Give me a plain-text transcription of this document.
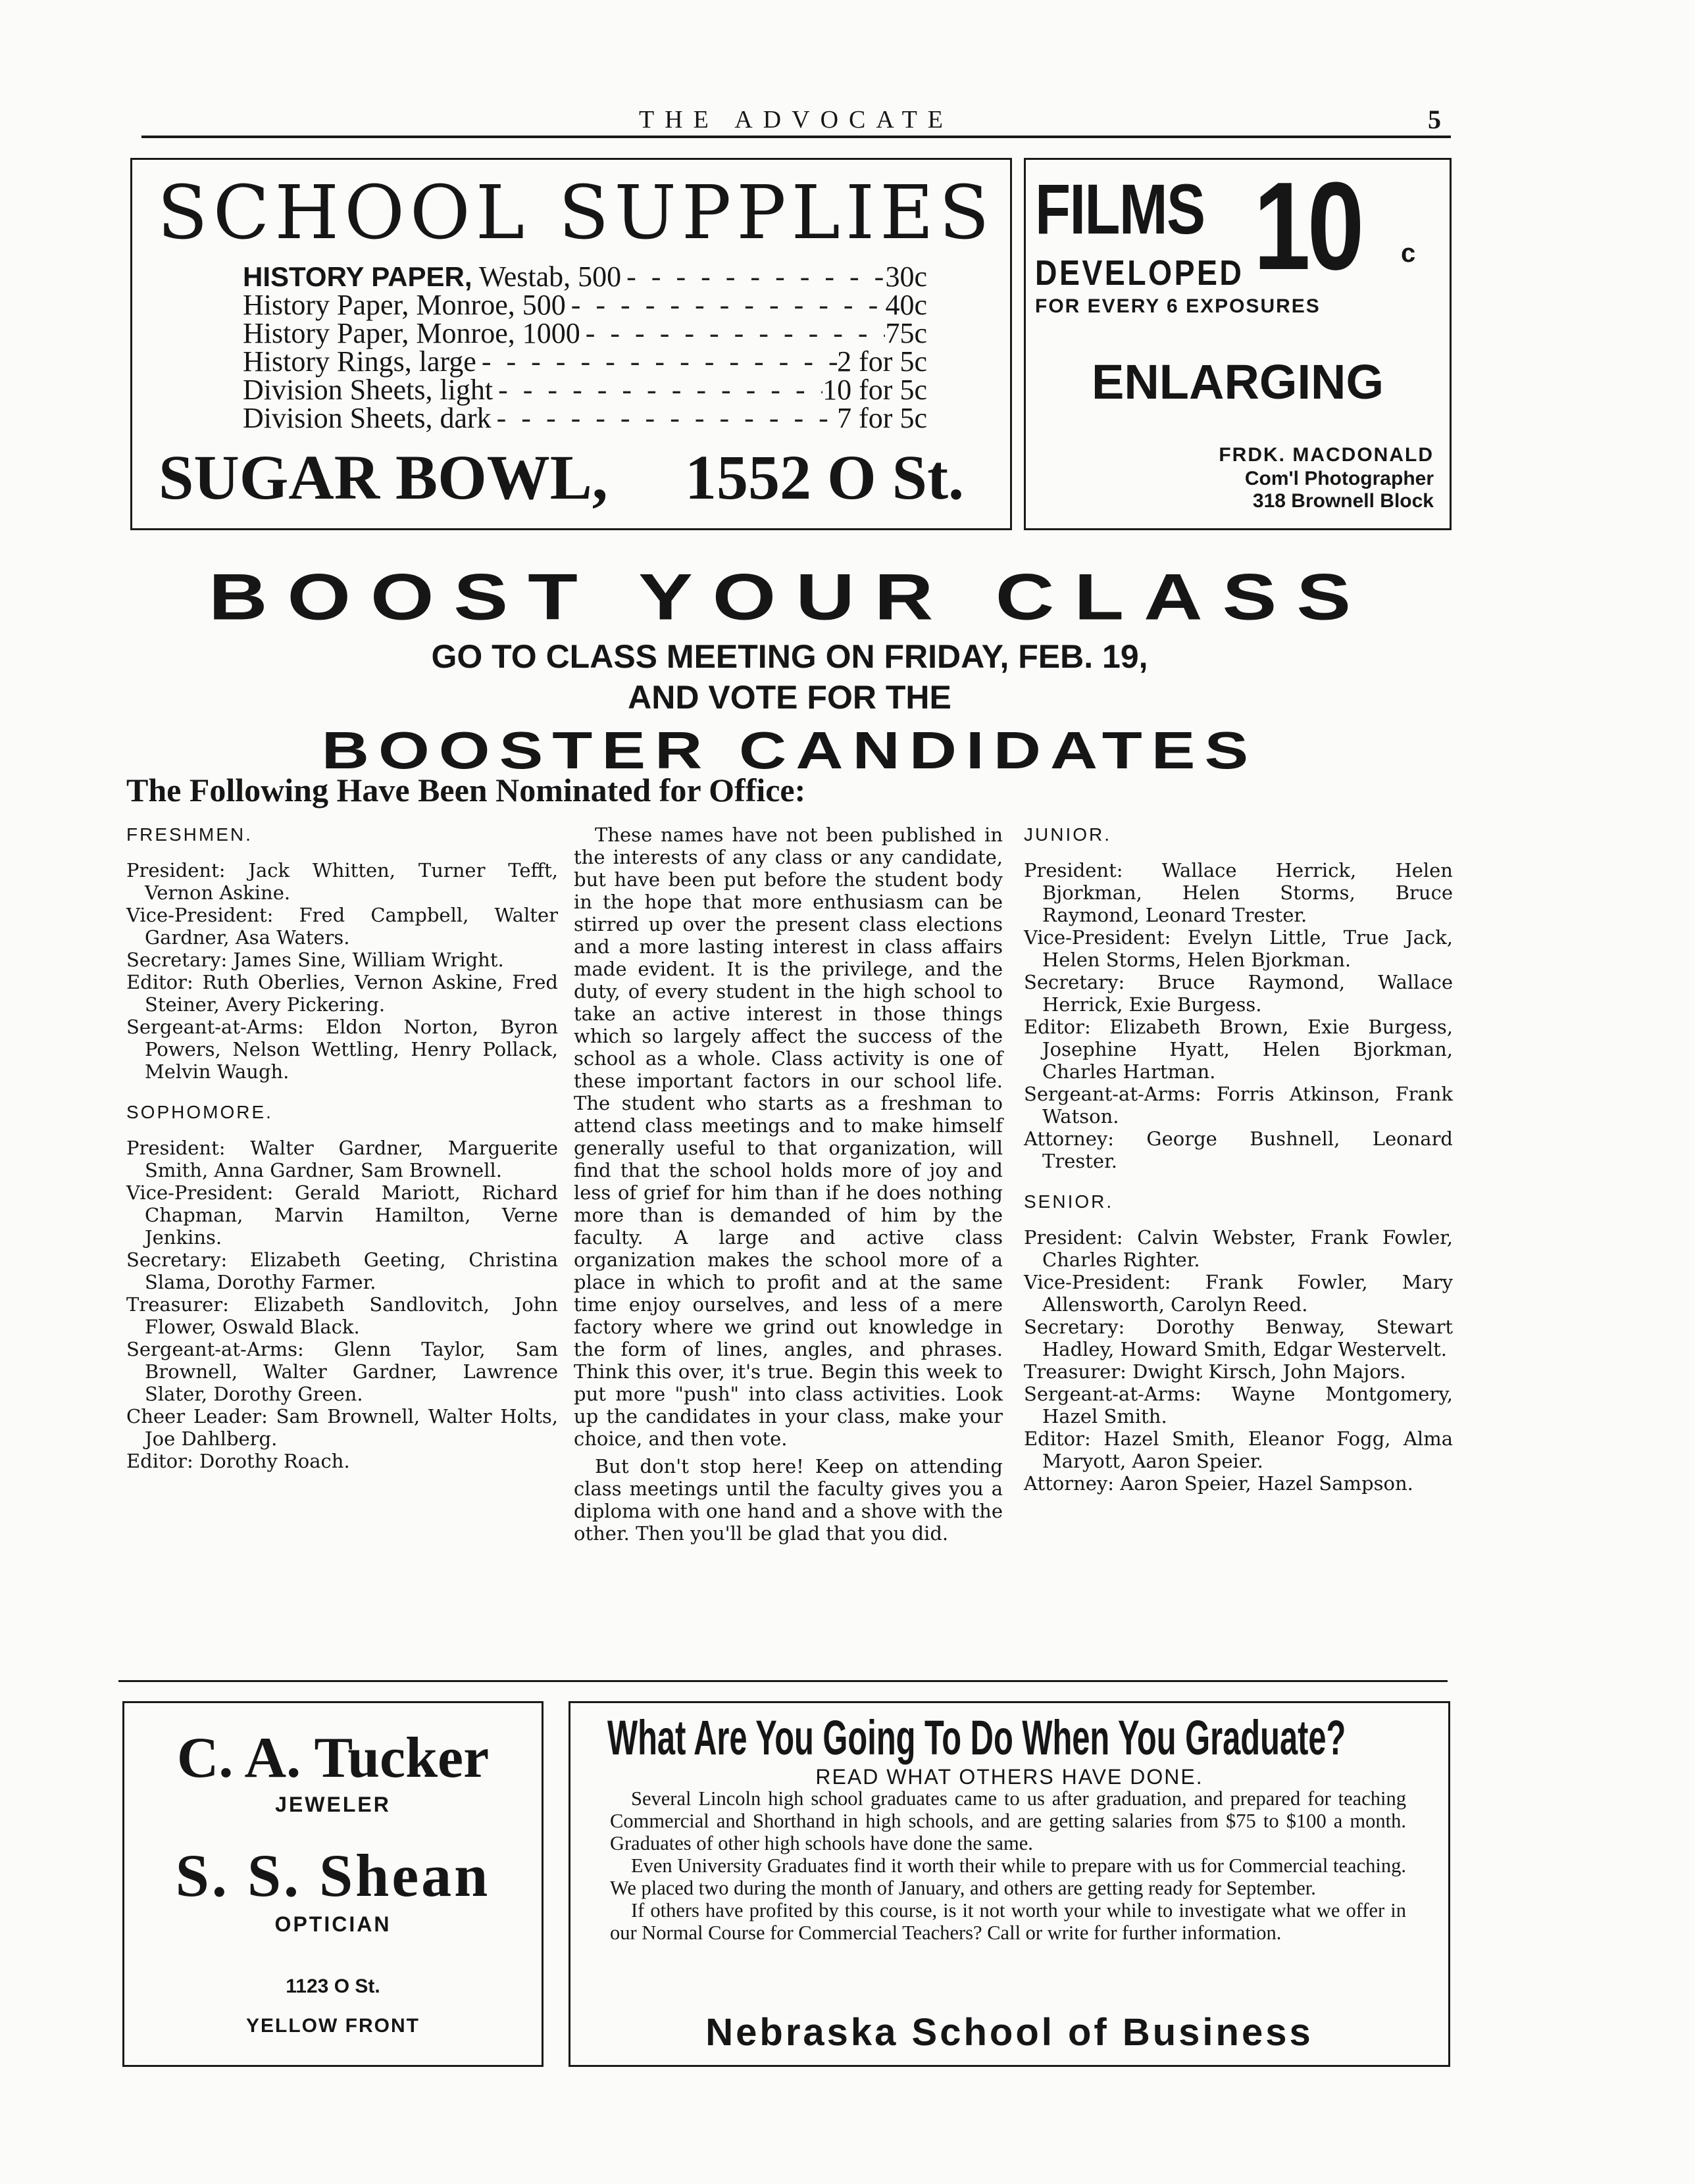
THE ADVOCATE	5
SCHOOL SUPPLIES
HISTORY PAPER, Westab, 500 - - -	30c
History Paper, Monroe, 500 - - -	40c
History Paper, Monroe, 1000 - - -	75c
History Rings, large - - -	2 for 5c
Division Sheets, light - - -	10 for 5c
Division Sheets, dark - - -	7 for 5c
SUGAR BOWL, 1552 O St.
FILMS 10 c
DEVELOPED
FOR EVERY 6 EXPOSURES
ENLARGING
FRDK. MACDONALD
Com'l Photographer
318 Brownell Block
BOOST YOUR CLASS
GO TO CLASS MEETING ON FRIDAY, FEB. 19,
AND VOTE FOR THE
BOOSTER CANDIDATES
The Following Have Been Nominated for Office:
FRESHMEN.

President: Jack Whitten, Turner Tefft, Vernon Askine.

Vice-President: Fred Campbell, Walter Gardner, Asa Waters.

Secretary: James Sine, William Wright.

Editor: Ruth Oberlies, Vernon Askine, Fred Steiner, Avery Pickering.

Sergeant-at-Arms: Eldon Norton, Byron Powers, Nelson Wettling, Henry Pollack, Melvin Waugh.

SOPHOMORE.

President: Walter Gardner, Marguerite Smith, Anna Gardner, Sam Brownell.

Vice-President: Gerald Mariott, Richard Chapman, Marvin Hamilton, Verne Jenkins.

Secretary: Elizabeth Geeting, Christina Slama, Dorothy Farmer.

Treasurer: Elizabeth Sandlovitch, John Flower, Oswald Black.

Sergeant-at-Arms: Glenn Taylor, Sam Brownell, Walter Gardner, Lawrence Slater, Dorothy Green.

Cheer Leader: Sam Brownell, Walter Holts, Joe Dahlberg.

Editor: Dorothy Roach.

These names have not been published in the interests of any class or any candidate, but have been put before the student body in the hope that more enthusiasm can be stirred up over the present class elections and a more lasting interest in class affairs made evident. It is the privilege, and the duty, of every student in the high school to take an active interest in those things which so largely affect the success of the school as a whole. Class activity is one of these important factors in our school life. The student who starts as a freshman to attend class meetings and to make himself generally useful to that organization, will find that the school holds more of joy and less of grief for him than if he does nothing more than is demanded of him by the faculty. A large and active class organization makes the school more of a place in which to profit and at the same time enjoy ourselves, and less of a mere factory where we grind out knowledge in the form of lines, angles, and phrases. Think this over, it's true. Begin this week to put more "push" into class activities. Look up the candidates in your class, make your choice, and then vote.

But don't stop here! Keep on attending class meetings until the faculty gives you a diploma with one hand and a shove with the other. Then you'll be glad that you did.

JUNIOR.

President: Wallace Herrick, Helen Bjorkman, Helen Storms, Bruce Raymond, Leonard Trester.

Vice-President: Evelyn Little, True Jack, Helen Storms, Helen Bjorkman.

Secretary: Bruce Raymond, Wallace Herrick, Exie Burgess.

Editor: Elizabeth Brown, Exie Burgess, Josephine Hyatt, Helen Bjorkman, Charles Hartman.

Sergeant-at-Arms: Forris Atkinson, Frank Watson.

Attorney: George Bushnell, Leonard Trester.

SENIOR.

President: Calvin Webster, Frank Fowler, Charles Righter.

Vice-President: Frank Fowler, Mary Allensworth, Carolyn Reed.

Secretary: Dorothy Benway, Stewart Hadley, Howard Smith, Edgar Westervelt.

Treasurer: Dwight Kirsch, John Majors.

Sergeant-at-Arms: Wayne Montgomery, Hazel Smith.

Editor: Hazel Smith, Eleanor Fogg, Alma Maryott, Aaron Speier.

Attorney: Aaron Speier, Hazel Sampson.

C. A. Tucker
JEWELER
S. S. Shean
OPTICIAN
1123 O St.
YELLOW FRONT
What Are You Going To Do When You Graduate?
READ WHAT OTHERS HAVE DONE.

Several Lincoln high school graduates came to us after graduation, and prepared for teaching Commercial and Shorthand in high schools, and are getting salaries from $75 to $100 a month. Graduates of other high schools have done the same.

Even University Graduates find it worth their while to prepare with us for Commercial teaching. We placed two during the month of January, and others are getting ready for September.

If others have profited by this course, is it not worth your while to investigate what we offer in our Normal Course for Commercial Teachers? Call or write for further information.

Nebraska School of Business
